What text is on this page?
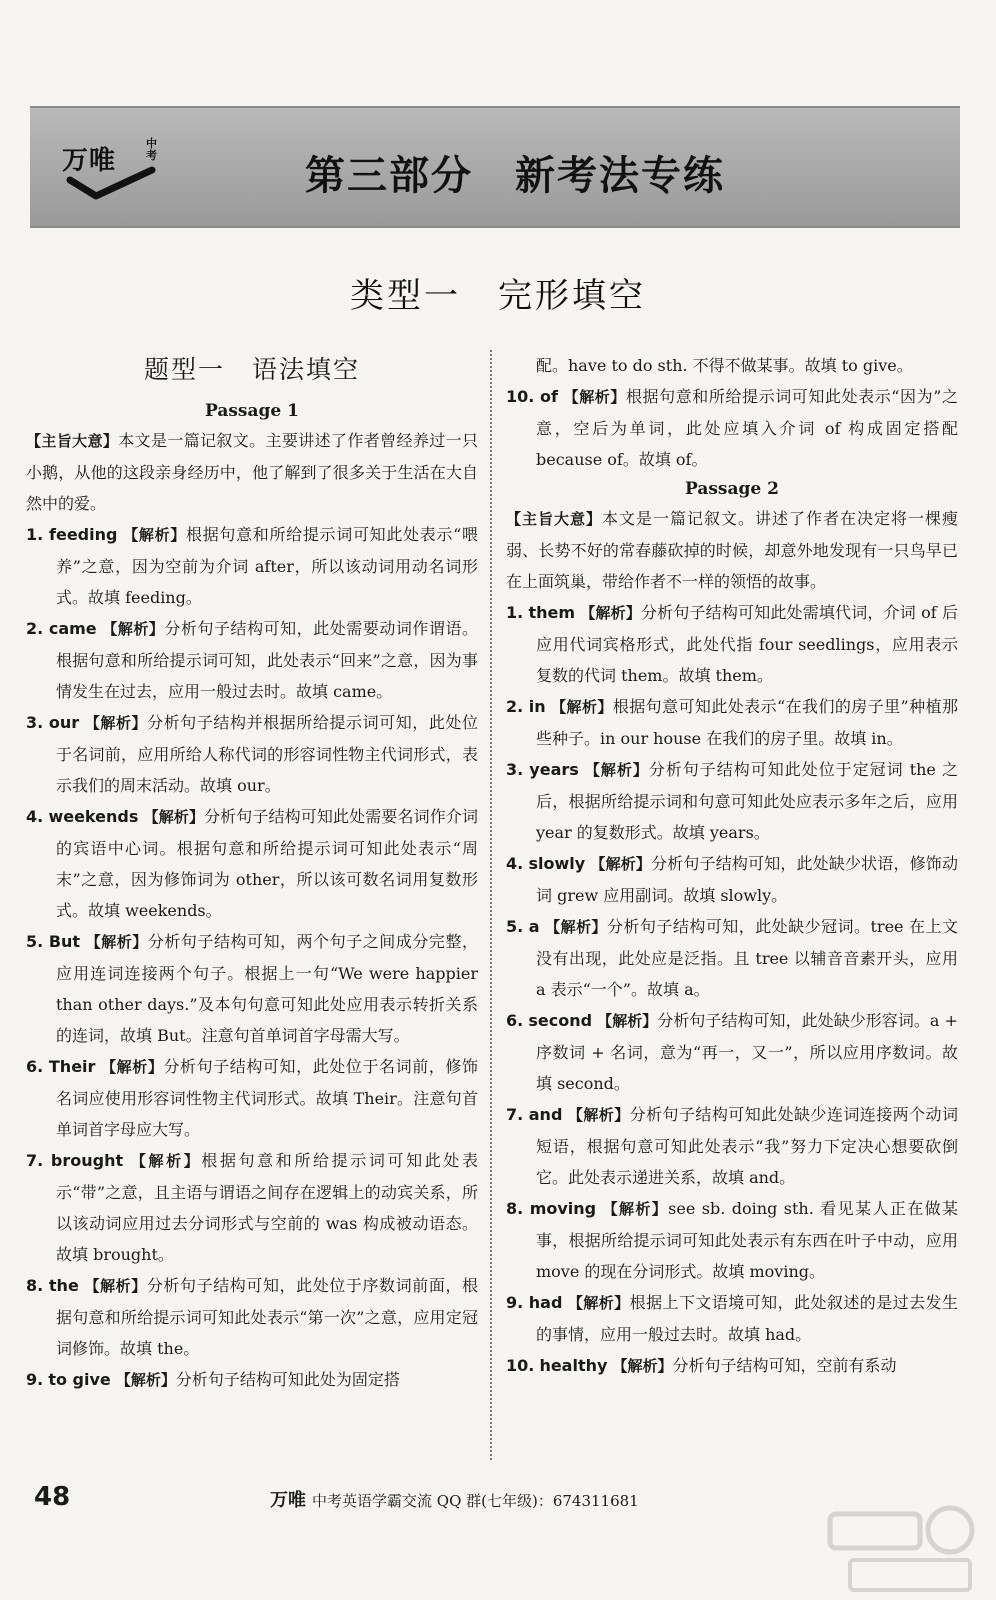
万唯
中考	第三部分　新考法专练
类型一　完形填空
题型一　语法填空

Passage 1

【主旨大意】本文是一篇记叙文。主要讲述了作者曾经养过一只小鹅，从他的这段亲身经历中，他了解到了很多关于生活在大自然中的爱。

1. feeding 【解析】根据句意和所给提示词可知此处表示“喂养”之意，因为空前为介词 after，所以该动词用动名词形式。故填 feeding。

2. came 【解析】分析句子结构可知，此处需要动词作谓语。根据句意和所给提示词可知，此处表示“回来”之意，因为事情发生在过去，应用一般过去时。故填 came。

3. our 【解析】分析句子结构并根据所给提示词可知，此处位于名词前，应用所给人称代词的形容词性物主代词形式，表示我们的周末活动。故填 our。

4. weekends 【解析】分析句子结构可知此处需要名词作介词的宾语中心词。根据句意和所给提示词可知此处表示“周末”之意，因为修饰词为 other，所以该可数名词用复数形式。故填 weekends。

5. But 【解析】分析句子结构可知，两个句子之间成分完整，应用连词连接两个句子。根据上一句“We were happier than other days.”及本句句意可知此处应用表示转折关系的连词，故填 But。注意句首单词首字母需大写。

6. Their 【解析】分析句子结构可知，此处位于名词前，修饰名词应使用形容词性物主代词形式。故填 Their。注意句首单词首字母应大写。

7. brought 【解析】根据句意和所给提示词可知此处表示“带”之意，且主语与谓语之间存在逻辑上的动宾关系，所以该动词应用过去分词形式与空前的 was 构成被动语态。故填 brought。

8. the 【解析】分析句子结构可知，此处位于序数词前面，根据句意和所给提示词可知此处表示“第一次”之意，应用定冠词修饰。故填 the。

9. to give 【解析】分析句子结构可知此处为固定搭

配。have to do sth. 不得不做某事。故填 to give。

10. of 【解析】根据句意和所给提示词可知此处表示“因为”之意，空后为单词，此处应填入介词 of 构成固定搭配 because of。故填 of。

Passage 2

【主旨大意】本文是一篇记叙文。讲述了作者在决定将一棵瘦弱、长势不好的常春藤砍掉的时候，却意外地发现有一只鸟早已在上面筑巢，带给作者不一样的领悟的故事。

1. them 【解析】分析句子结构可知此处需填代词，介词 of 后应用代词宾格形式，此处代指 four seedlings，应用表示复数的代词 them。故填 them。

2. in 【解析】根据句意可知此处表示“在我们的房子里”种植那些种子。in our house 在我们的房子里。故填 in。

3. years 【解析】分析句子结构可知此处位于定冠词 the 之后，根据所给提示词和句意可知此处应表示多年之后，应用 year 的复数形式。故填 years。

4. slowly 【解析】分析句子结构可知，此处缺少状语，修饰动词 grew 应用副词。故填 slowly。

5. a 【解析】分析句子结构可知，此处缺少冠词。tree 在上文没有出现，此处应是泛指。且 tree 以辅音音素开头，应用 a 表示“一个”。故填 a。

6. second 【解析】分析句子结构可知，此处缺少形容词。a + 序数词 + 名词，意为“再一，又一”，所以应用序数词。故填 second。

7. and 【解析】分析句子结构可知此处缺少连词连接两个动词短语，根据句意可知此处表示“我”努力下定决心想要砍倒它。此处表示递进关系，故填 and。

8. moving 【解析】see sb. doing sth. 看见某人正在做某事，根据所给提示词可知此处表示有东西在叶子中动，应用 move 的现在分词形式。故填 moving。

9. had 【解析】根据上下文语境可知，此处叙述的是过去发生的事情，应用一般过去时。故填 had。

10. healthy 【解析】分析句子结构可知，空前有系动

48	万唯 中考英语学霸交流 QQ 群(七年级)：674311681
